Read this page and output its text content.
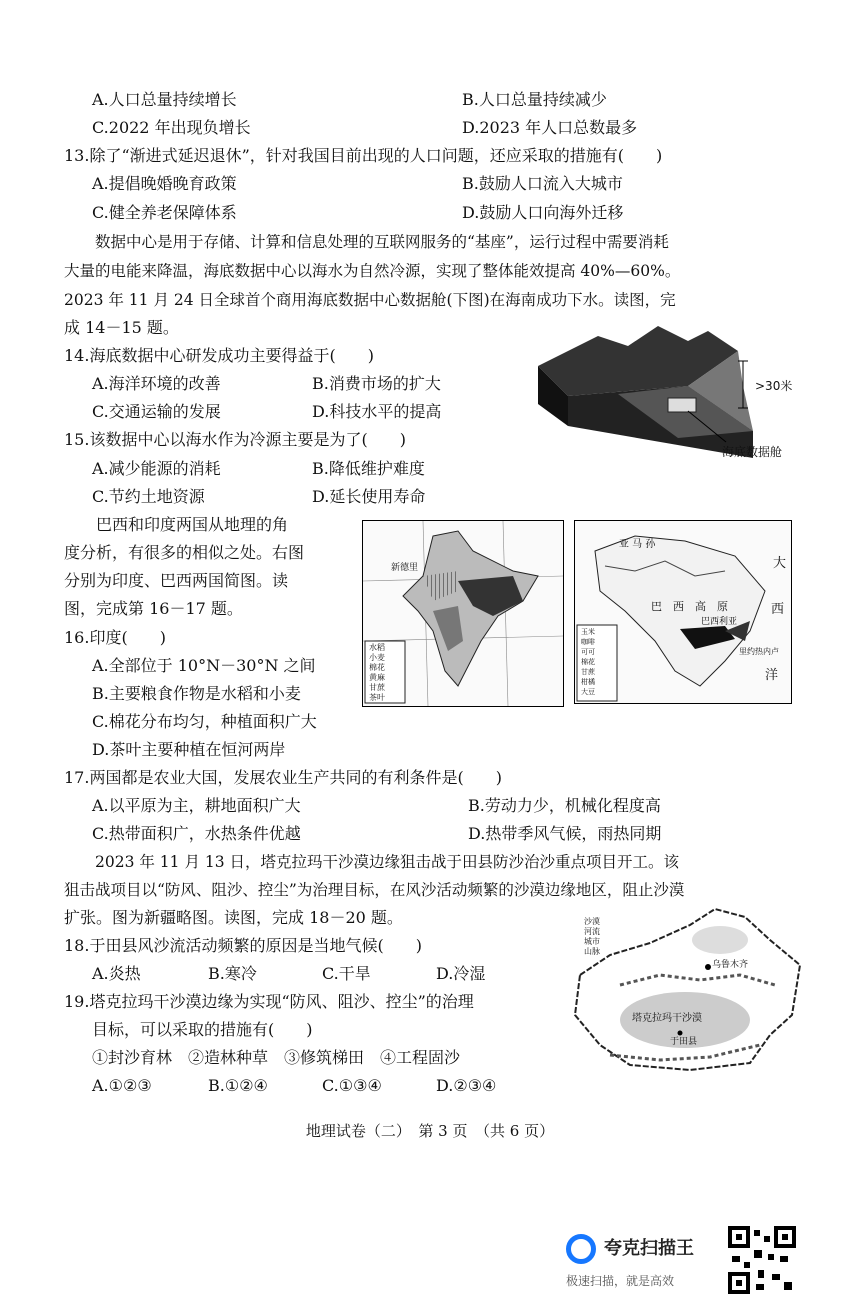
A.人口总量持续增长	B.人口总量持续减少
C.2022 年出现负增长	D.2023 年人口总数最多
13.除了“渐进式延迟退休”，针对我国目前出现的人口问题，还应采取的措施有(　　)
A.提倡晚婚晚育政策	B.鼓励人口流入大城市
C.健全养老保障体系	D.鼓励人口向海外迁移
　　数据中心是用于存储、计算和信息处理的互联网服务的“基座”，运行过程中需要消耗
大量的电能来降温，海底数据中心以海水为自然冷源，实现了整体能效提高 40%—60%。
2023 年 11 月 24 日全球首个商用海底数据中心数据舱(下图)在海南成功下水。读图，完
成 14－15 题。
14.海底数据中心研发成功主要得益于(　　)
A.海洋环境的改善	B.消费市场的扩大
C.交通运输的发展	D.科技水平的提高
15.该数据中心以海水作为冷源主要是为了(　　)
A.减少能源的消耗	B.降低维护难度
C.节约土地资源	D.延长使用寿命
>30米
海底数据舱
　　巴西和印度两国从地理的角
度分析，有很多的相似之处。右图
分别为印度、巴西两国简图。读
图，完成第 16－17 题。
新德里
水稻
小麦
棉花
黄麻
甘蔗
茶叶
亚 马 孙
巴　西　高　原
巴西利亚
大
西
洋
里约热内卢
玉米
咖啡
可可
棉花
甘蔗
柑橘
大豆
16.印度(　　)
A.全部位于 10°N－30°N 之间
B.主要粮食作物是水稻和小麦
C.棉花分布均匀，种植面积广大
D.茶叶主要种植在恒河两岸
17.两国都是农业大国，发展农业生产共同的有利条件是(　　)
A.以平原为主，耕地面积广大	B.劳动力少，机械化程度高
C.热带面积广，水热条件优越	D.热带季风气候，雨热同期
　　2023 年 11 月 13 日，塔克拉玛干沙漠边缘狙击战于田县防沙治沙重点项目开工。该
狙击战项目以“防风、阻沙、控尘”为治理目标，在风沙活动频繁的沙漠边缘地区，阻止沙漠
扩张。图为新疆略图。读图，完成 18－20 题。
18.于田县风沙流活动频繁的原因是当地气候(　　)
A.炎热	B.寒冷	C.干旱	D.冷湿
19.塔克拉玛干沙漠边缘为实现“防风、阻沙、控尘”的治理
目标，可以采取的措施有(　　)
①封沙育林　②造林种草　③修筑梯田　④工程固沙
A.①②③	B.①②④	C.①③④	D.②③④
沙漠
河流
城市
山脉
乌鲁木齐
塔克拉玛干沙漠
于田县
地理试卷（二）　第 3 页　（共 6 页）
夸克扫描王
极速扫描，就是高效
